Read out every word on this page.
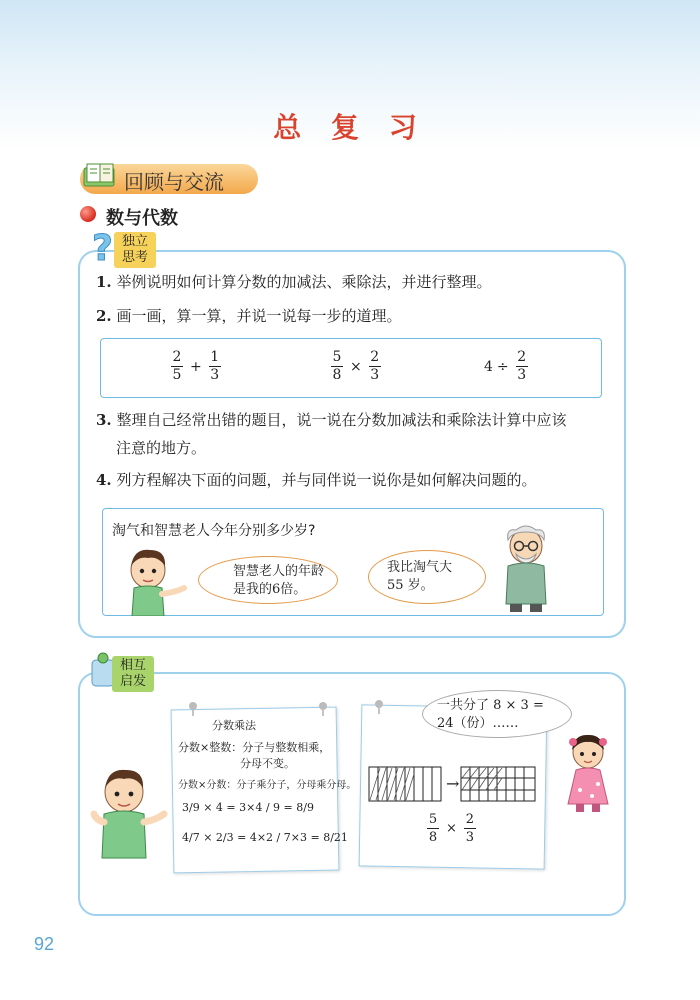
总 复 习
回顾与交流
数与代数
? 独立
思考
1. 举例说明如何计算分数的加减法、乘除法，并进行整理。
2. 画一画，算一算，并说一说每一步的道理。
2
5
+
1
3
5
8
×
2
3
4 ÷
2
3
3. 整理自己经常出错的题目，说一说在分数加减法和乘除法计算中应该
注意的地方。
4. 列方程解决下面的问题，并与同伴说一说你是如何解决问题的。
淘气和智慧老人今年分别多少岁?
智慧老人的年龄
是我的6倍。
我比淘气大
55 岁。
相互
启发
分数乘法
分数×整数：分子与整数相乘，
分母不变。
分数×分数：分子乘分子，分母乘分母。
3/9 × 4 = 3×4 / 9 = 8/9
4/7 × 2/3 = 4×2 / 7×3 = 8/21
→
5
8
×
2
3
一共分了 8 × 3 =
24（份）……
92
